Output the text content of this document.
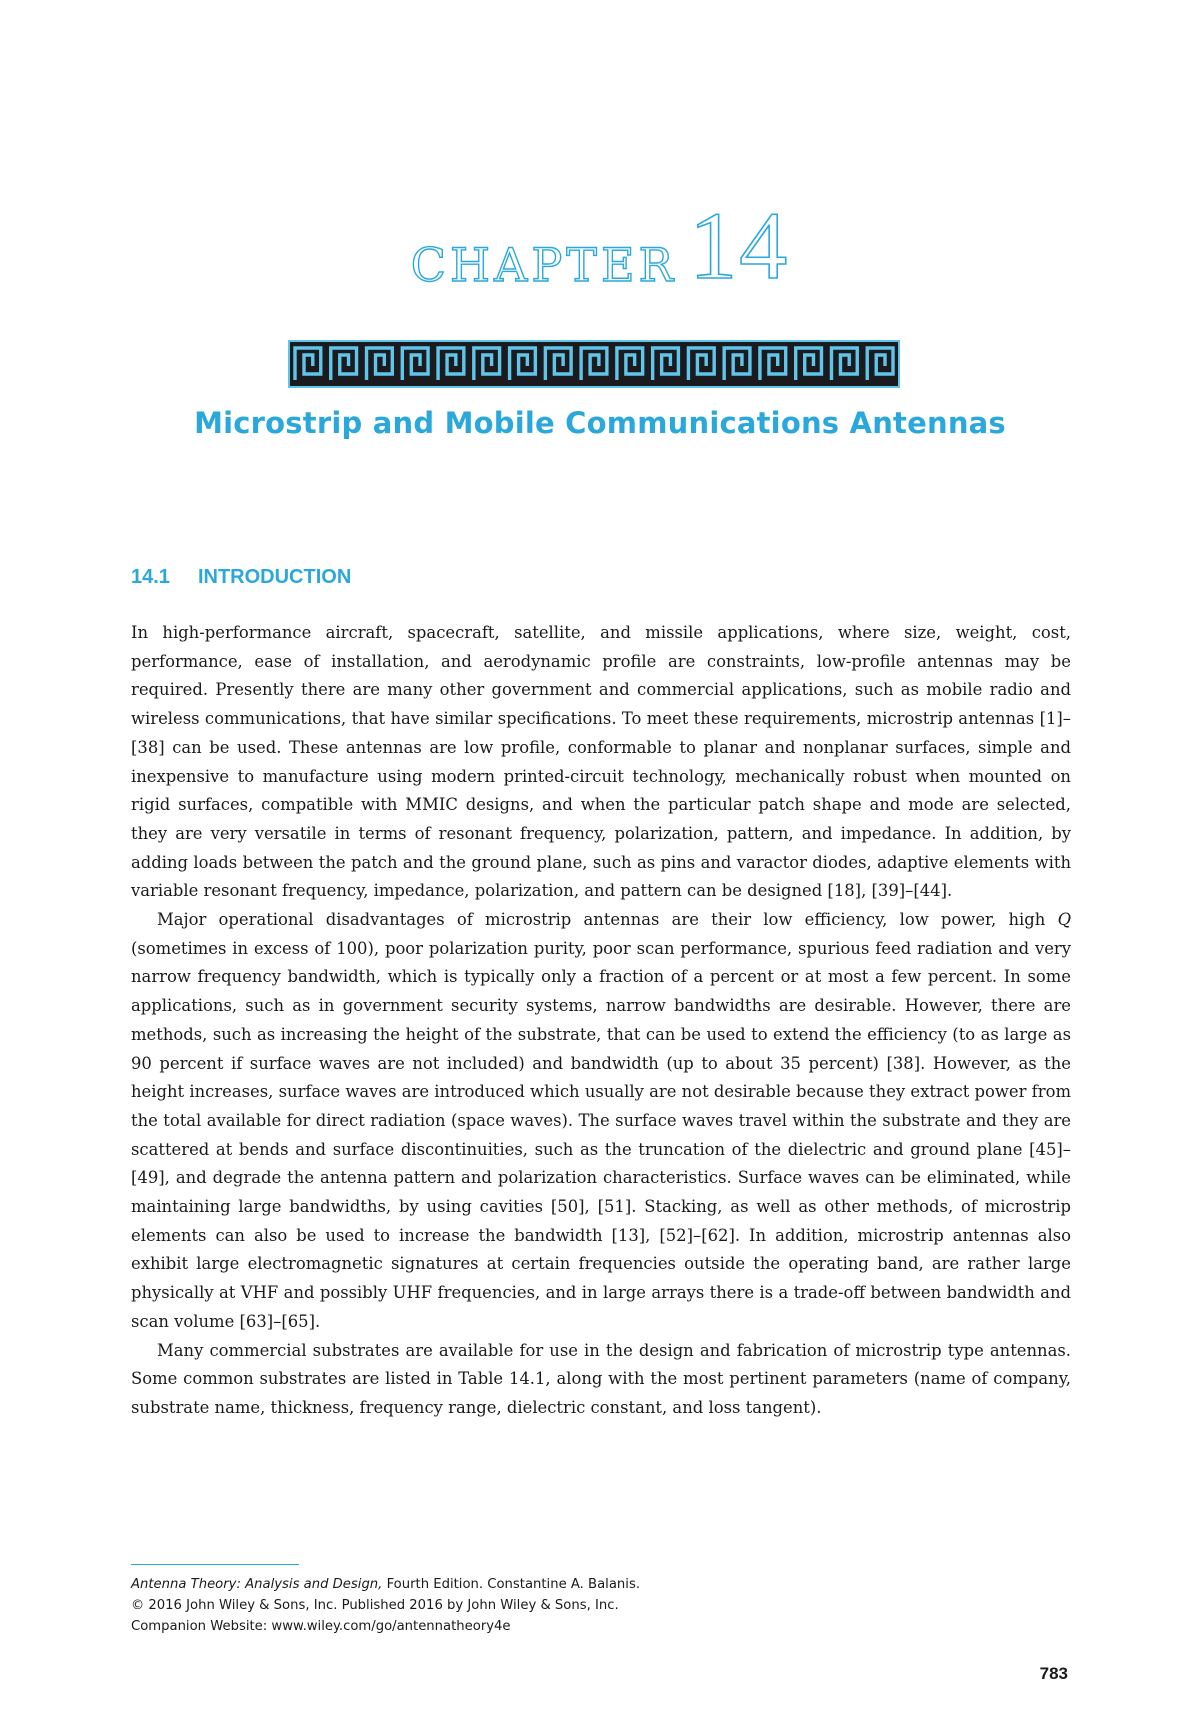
CHAPTER 14
Microstrip and Mobile Communications Antennas
14.1 INTRODUCTION

In high-performance aircraft, spacecraft, satellite, and missile applications, where size, weight, cost, performance, ease of installation, and aerodynamic profile are constraints, low-profile antennas may be required. Presently there are many other government and commercial applications, such as mobile radio and wireless communications, that have similar specifications. To meet these requirements, microstrip antennas [1]–[38] can be used. These antennas are low profile, conformable to planar and nonplanar surfaces, simple and inexpensive to manufacture using modern printed-circuit technology, mechanically robust when mounted on rigid surfaces, compatible with MMIC designs, and when the particular patch shape and mode are selected, they are very versatile in terms of resonant frequency, polarization, pattern, and impedance. In addition, by adding loads between the patch and the ground plane, such as pins and varactor diodes, adaptive elements with variable resonant frequency, impedance, polarization, and pattern can be designed [18], [39]–[44].

Major operational disadvantages of microstrip antennas are their low efficiency, low power, high Q (sometimes in excess of 100), poor polarization purity, poor scan performance, spurious feed radiation and very narrow frequency bandwidth, which is typically only a fraction of a percent or at most a few percent. In some applications, such as in government security systems, narrow bandwidths are desirable. However, there are methods, such as increasing the height of the substrate, that can be used to extend the efficiency (to as large as 90 percent if surface waves are not included) and bandwidth (up to about 35 percent) [38]. However, as the height increases, surface waves are introduced which usually are not desirable because they extract power from the total available for direct radiation (space waves). The surface waves travel within the substrate and they are scattered at bends and surface discontinuities, such as the truncation of the dielectric and ground plane [45]–[49], and degrade the antenna pattern and polarization characteristics. Surface waves can be eliminated, while maintaining large bandwidths, by using cavities [50], [51]. Stacking, as well as other methods, of microstrip elements can also be used to increase the bandwidth [13], [52]–[62]. In addition, microstrip antennas also exhibit large electromagnetic signatures at certain frequencies outside the operating band, are rather large physically at VHF and possibly UHF frequencies, and in large arrays there is a trade-off between bandwidth and scan volume [63]–[65].

Many commercial substrates are available for use in the design and fabrication of microstrip type antennas. Some common substrates are listed in Table 14.1, along with the most pertinent parameters (name of company, substrate name, thickness, frequency range, dielectric constant, and loss tangent).

Antenna Theory: Analysis and Design, Fourth Edition. Constantine A. Balanis.
© 2016 John Wiley & Sons, Inc. Published 2016 by John Wiley & Sons, Inc.
Companion Website: www.wiley.com/go/antennatheory4e
783
